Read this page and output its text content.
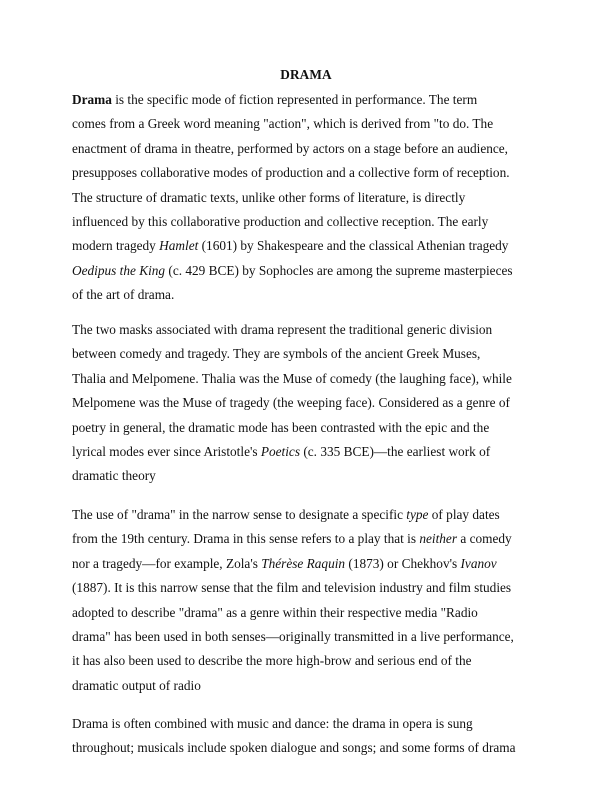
DRAMA
Drama is the specific mode of fiction represented in performance. The term
comes from a Greek word meaning "action", which is derived from "to do. The
enactment of drama in theatre, performed by actors on a stage before an audience,
presupposes collaborative modes of production and a collective form of reception.
The structure of dramatic texts, unlike other forms of literature, is directly
influenced by this collaborative production and collective reception. The early
modern tragedy Hamlet (1601) by Shakespeare and the classical Athenian tragedy
Oedipus the King (c. 429 BCE) by Sophocles are among the supreme masterpieces
of the art of drama.
The two masks associated with drama represent the traditional generic division
between comedy and tragedy. They are symbols of the ancient Greek Muses,
Thalia and Melpomene. Thalia was the Muse of comedy (the laughing face), while
Melpomene was the Muse of tragedy (the weeping face). Considered as a genre of
poetry in general, the dramatic mode has been contrasted with the epic and the
lyrical modes ever since Aristotle's Poetics (c. 335 BCE)—the earliest work of
dramatic theory
The use of "drama" in the narrow sense to designate a specific type of play dates
from the 19th century. Drama in this sense refers to a play that is neither a comedy
nor a tragedy—for example, Zola's Thérèse Raquin (1873) or Chekhov's Ivanov
(1887). It is this narrow sense that the film and television industry and film studies
adopted to describe "drama" as a genre within their respective media "Radio
drama" has been used in both senses—originally transmitted in a live performance,
it has also been used to describe the more high-brow and serious end of the
dramatic output of radio
Drama is often combined with music and dance: the drama in opera is sung
throughout; musicals include spoken dialogue and songs; and some forms of drama
